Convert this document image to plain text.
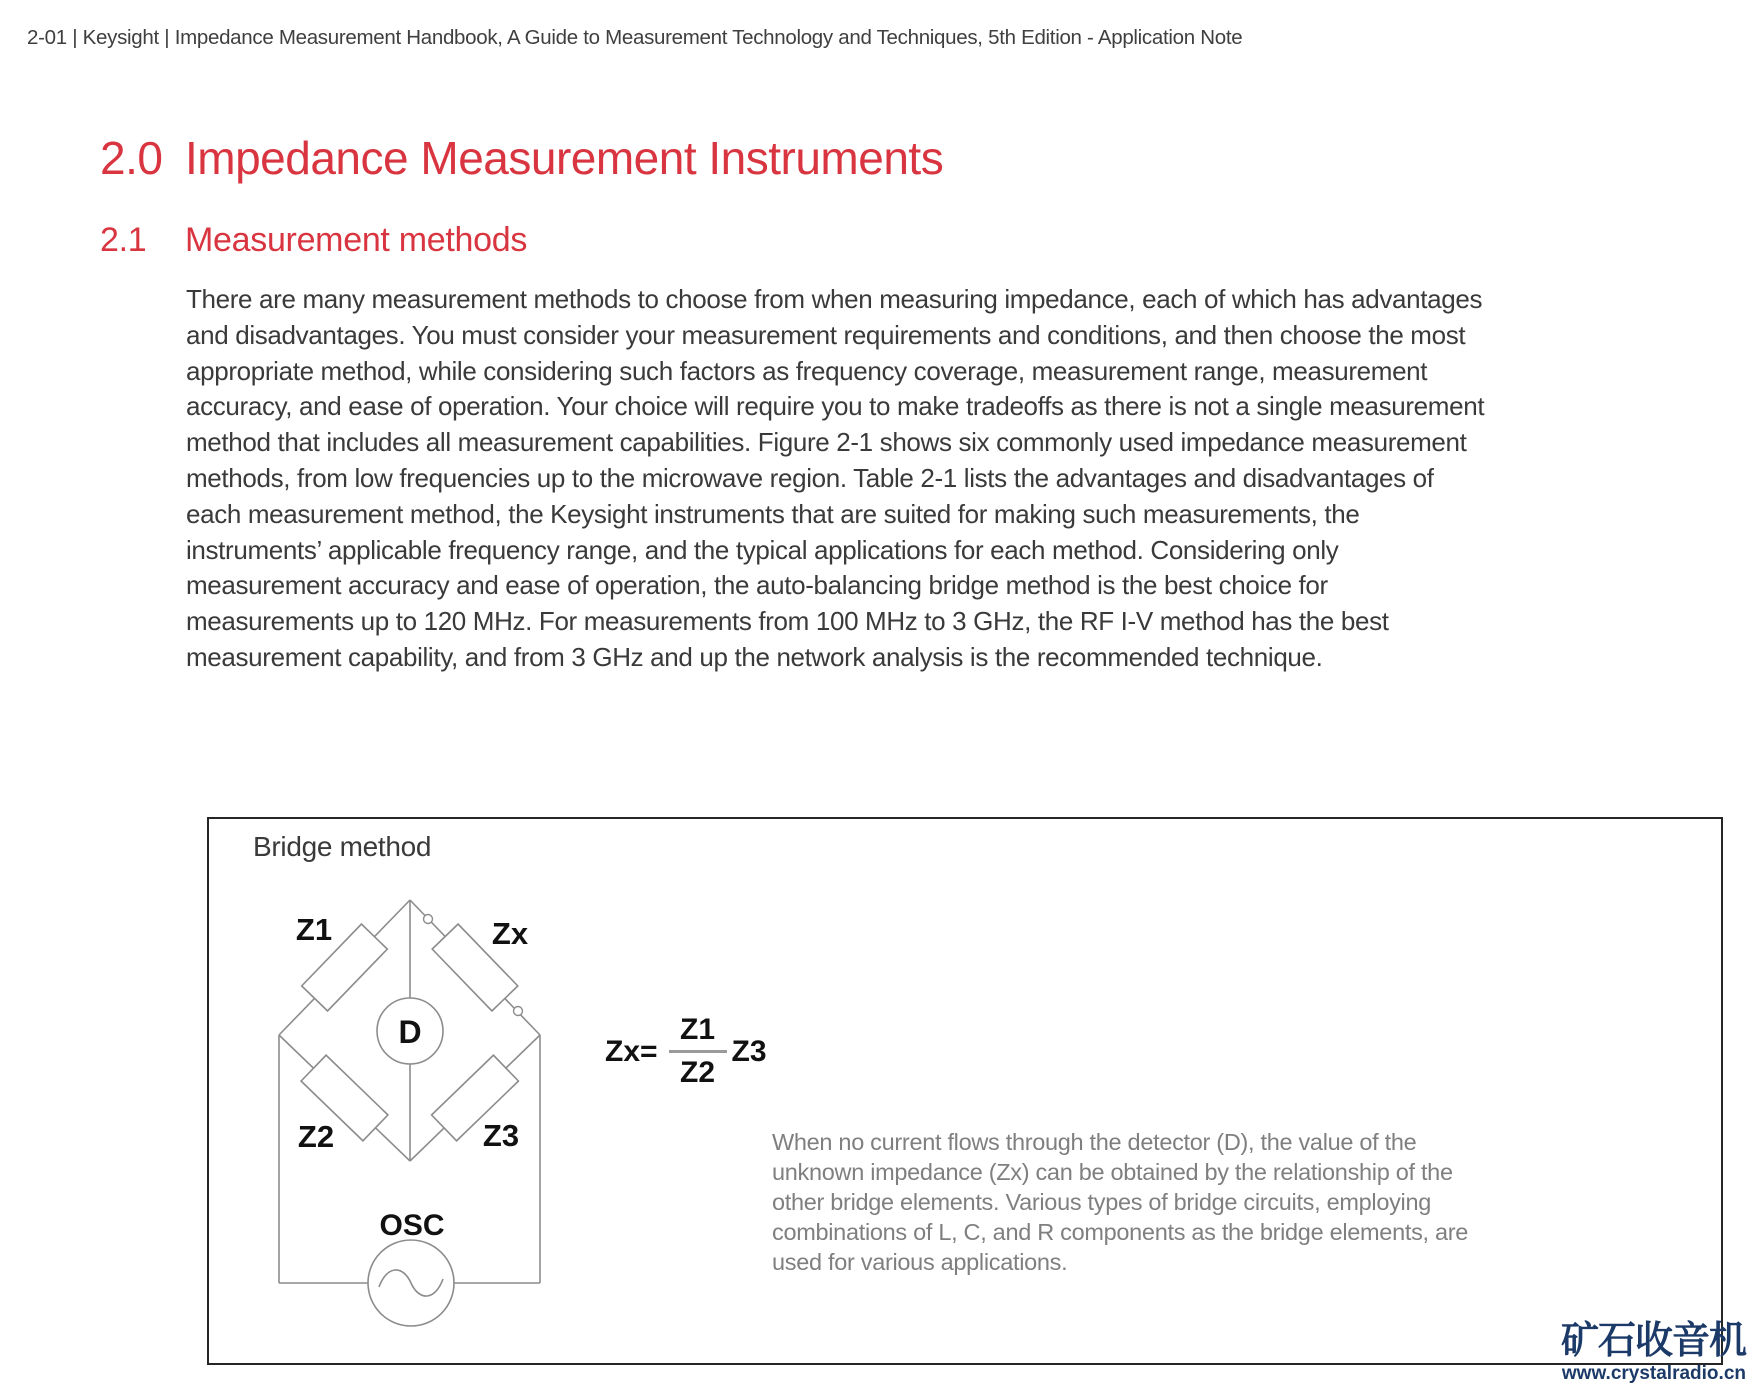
2-01 | Keysight | Impedance Measurement Handbook, A Guide to Measurement Technology and Techniques, 5th Edition - Application Note
2.0 Impedance Measurement Instruments
2.1	Measurement methods
There are many measurement methods to choose from when measuring impedance, each of which has advantages
and disadvantages. You must consider your measurement requirements and conditions, and then choose the most
appropriate method, while considering such factors as frequency coverage, measurement range, measurement
accuracy, and ease of operation. Your choice will require you to make tradeoffs as there is not a single measurement
method that includes all measurement capabilities. Figure 2-1 shows six commonly used impedance measurement
methods, from low frequencies up to the microwave region. Table 2-1 lists the advantages and disadvantages of
each measurement method, the Keysight instruments that are suited for making such measurements, the
instruments’ applicable frequency range, and the typical applications for each method. Considering only
measurement accuracy and ease of operation, the auto-balancing bridge method is the best choice for
measurements up to 120 MHz. For measurements from 100 MHz to 3 GHz, the RF I-V method has the best
measurement capability, and from 3 GHz and up the network analysis is the recommended technique.
Bridge method
Z1	Zx
Z2	Z3
D
OSC
$Zx= \frac{Z1}{Z2} Z3$
When no current flows through the detector (D), the value of the
unknown impedance (Zx) can be obtained by the relationship of the
other bridge elements. Various types of bridge circuits, employing
combinations of L, C, and R components as the bridge elements, are
used for various applications.
矿石收音机
www.crystalradio.cn
